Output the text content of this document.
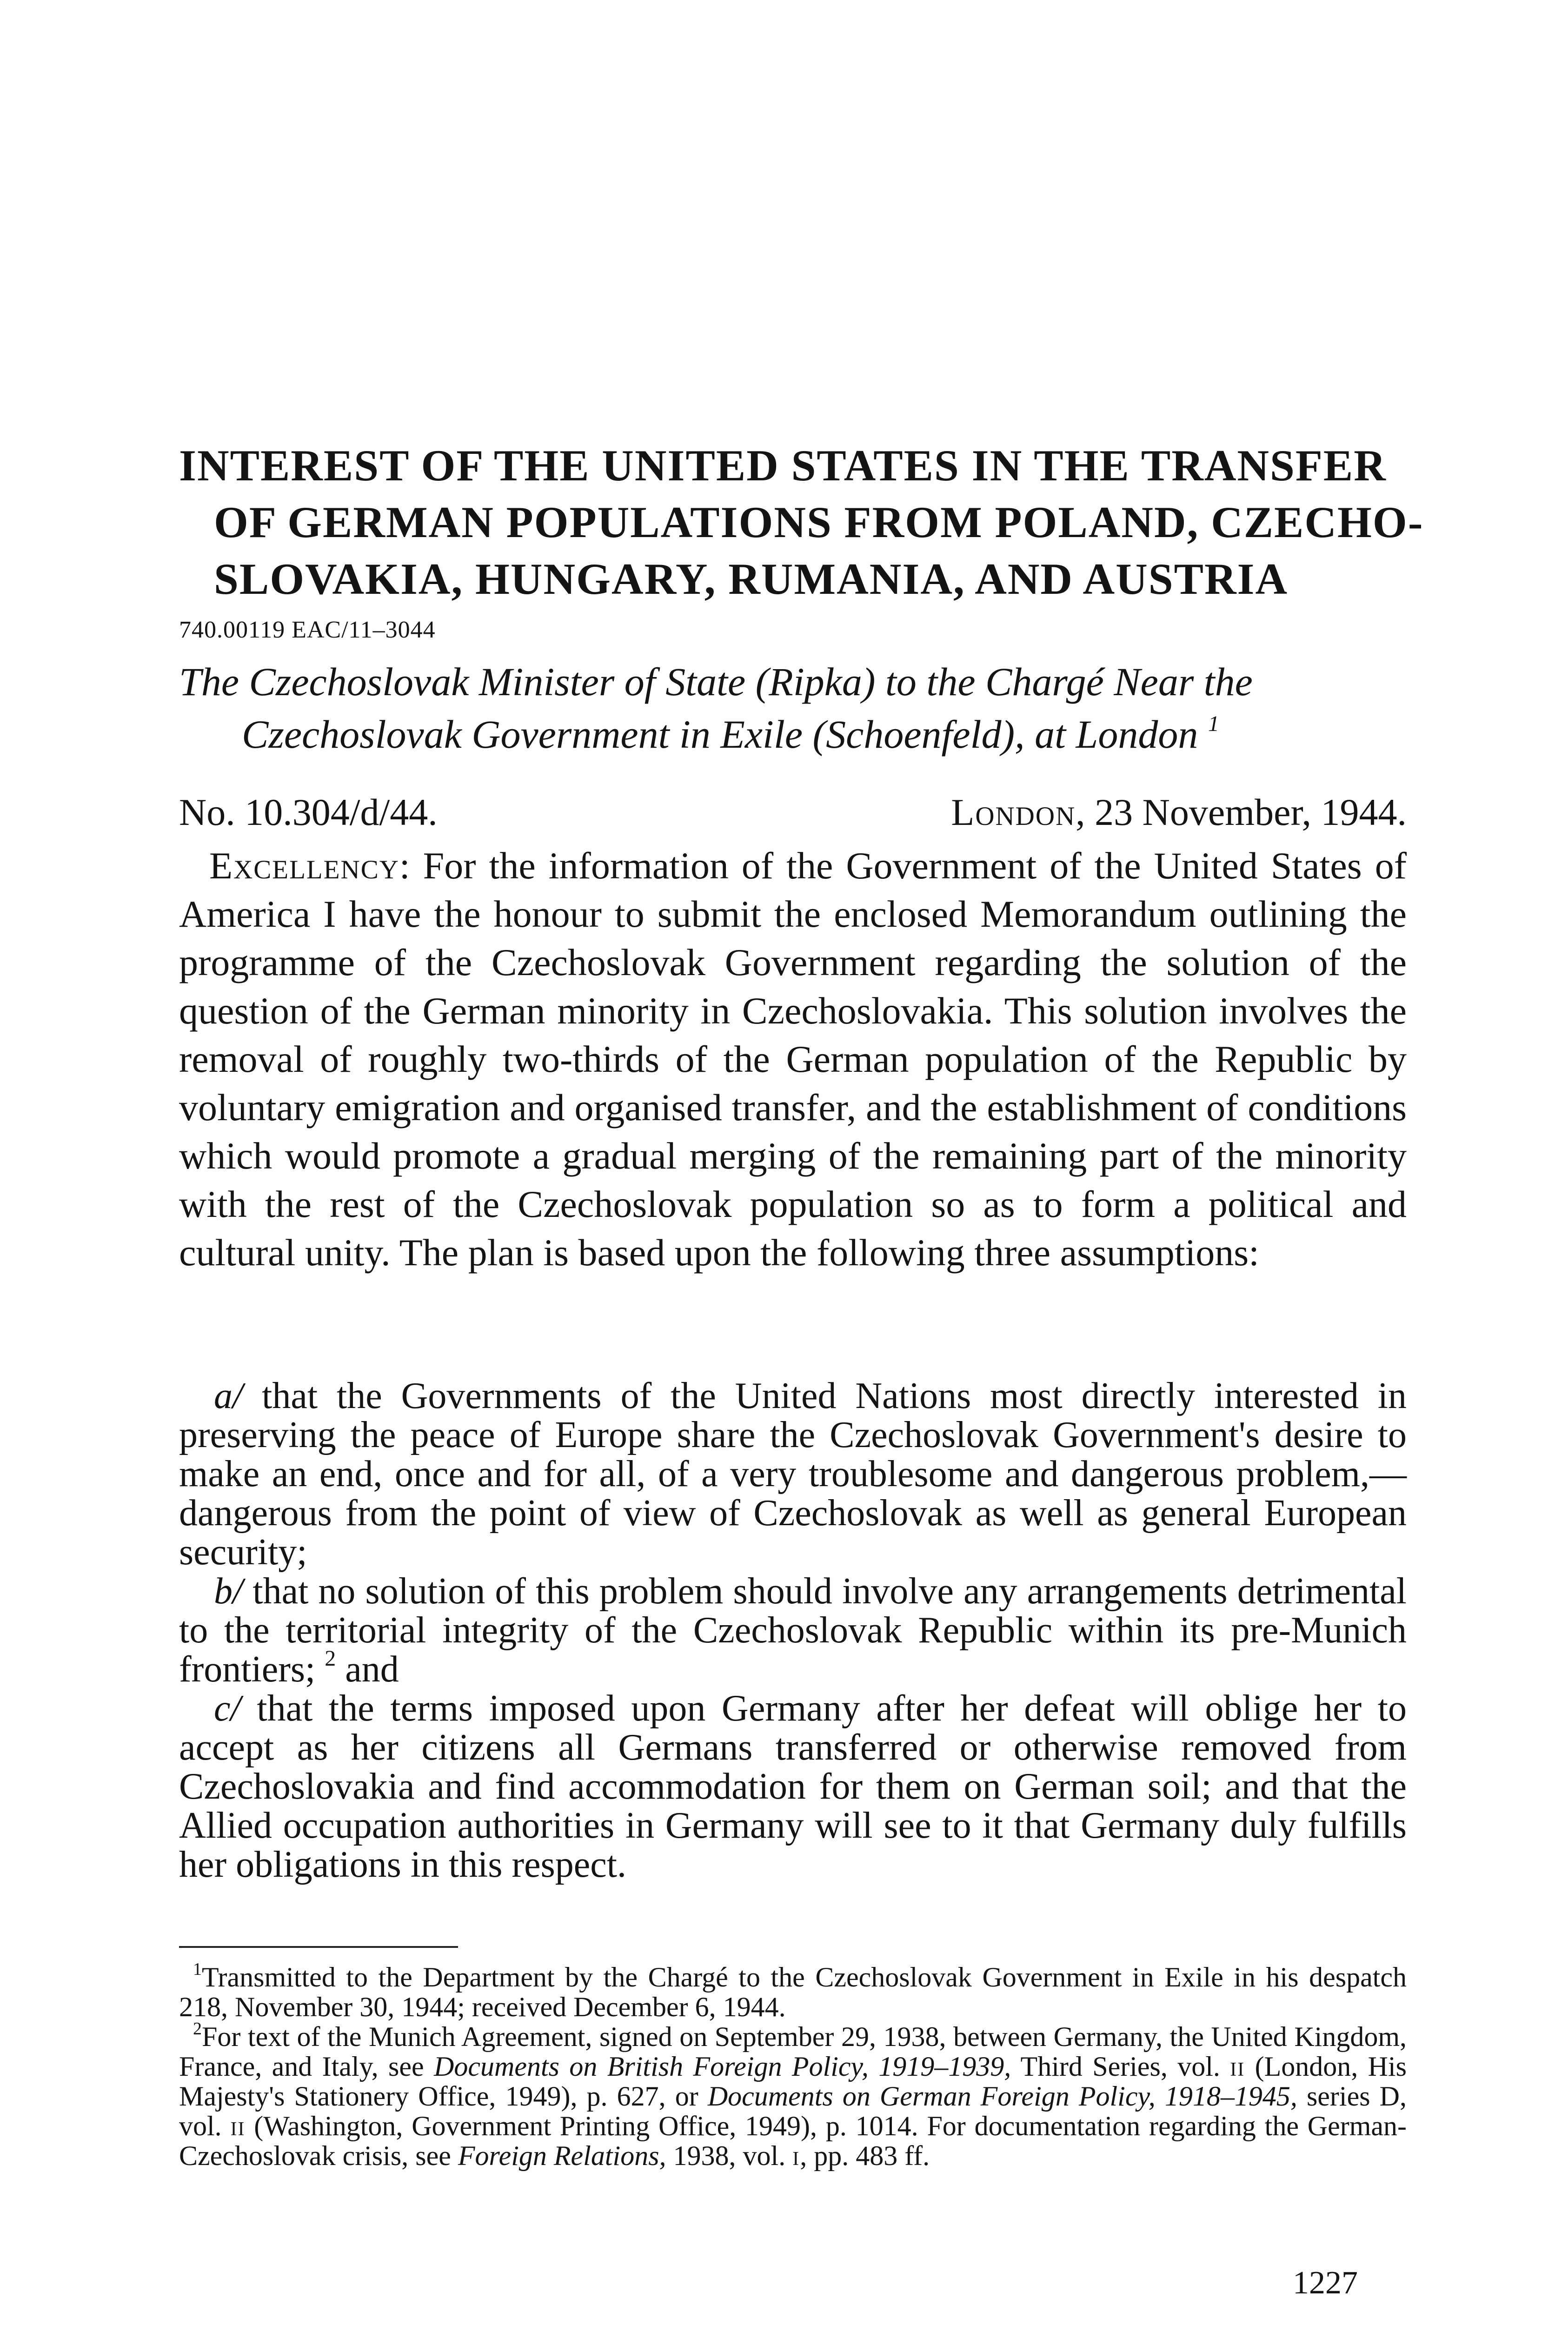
INTEREST OF THE UNITED STATES IN THE TRANSFER
OF GERMAN POPULATIONS FROM POLAND, CZECHO-
SLOVAKIA, HUNGARY, RUMANIA, AND AUSTRIA
740.00119 EAC/11–3044
The Czechoslovak Minister of State (Ripka) to the Chargé Near the
Czechoslovak Government in Exile (Schoenfeld), at London $^1$
No. 10.304/d/44.	London, 23 November, 1944.

Excellency: For the information of the Government of the United States of America I have the honour to submit the enclosed Memorandum outlining the programme of the Czechoslovak Government regarding the solution of the question of the German minority in Czechoslovakia. This solution involves the removal of roughly two-thirds of the German population of the Republic by voluntary emigration and organised transfer, and the establishment of conditions which would promote a gradual merging of the remaining part of the minority with the rest of the Czechoslovak population so as to form a political and cultural unity. The plan is based upon the following three assumptions:

a/ that the Governments of the United Nations most directly interested in preserving the peace of Europe share the Czechoslovak Government's desire to make an end, once and for all, of a very troublesome and dangerous problem,—dangerous from the point of view of Czechoslovak as well as general European security;

b/ that no solution of this problem should involve any arrangements detrimental to the territorial integrity of the Czechoslovak Republic within its pre-Munich frontiers; $^2$ and

c/ that the terms imposed upon Germany after her defeat will oblige her to accept as her citizens all Germans transferred or otherwise removed from Czechoslovakia and find accommodation for them on German soil; and that the Allied occupation authorities in Germany will see to it that Germany duly fulfills her obligations in this respect.

$^1$Transmitted to the Department by the Chargé to the Czechoslovak Government in Exile in his despatch 218, November 30, 1944; received December 6, 1944.

$^2$For text of the Munich Agreement, signed on September 29, 1938, between Germany, the United Kingdom, France, and Italy, see Documents on British Foreign Policy, 1919–1939, Third Series, vol. ii (London, His Majesty's Stationery Office, 1949), p. 627, or Documents on German Foreign Policy, 1918–1945, series D, vol. ii (Washington, Government Printing Office, 1949), p. 1014. For documentation regarding the German-Czechoslovak crisis, see Foreign Relations, 1938, vol. i, pp. 483 ff.

1227
